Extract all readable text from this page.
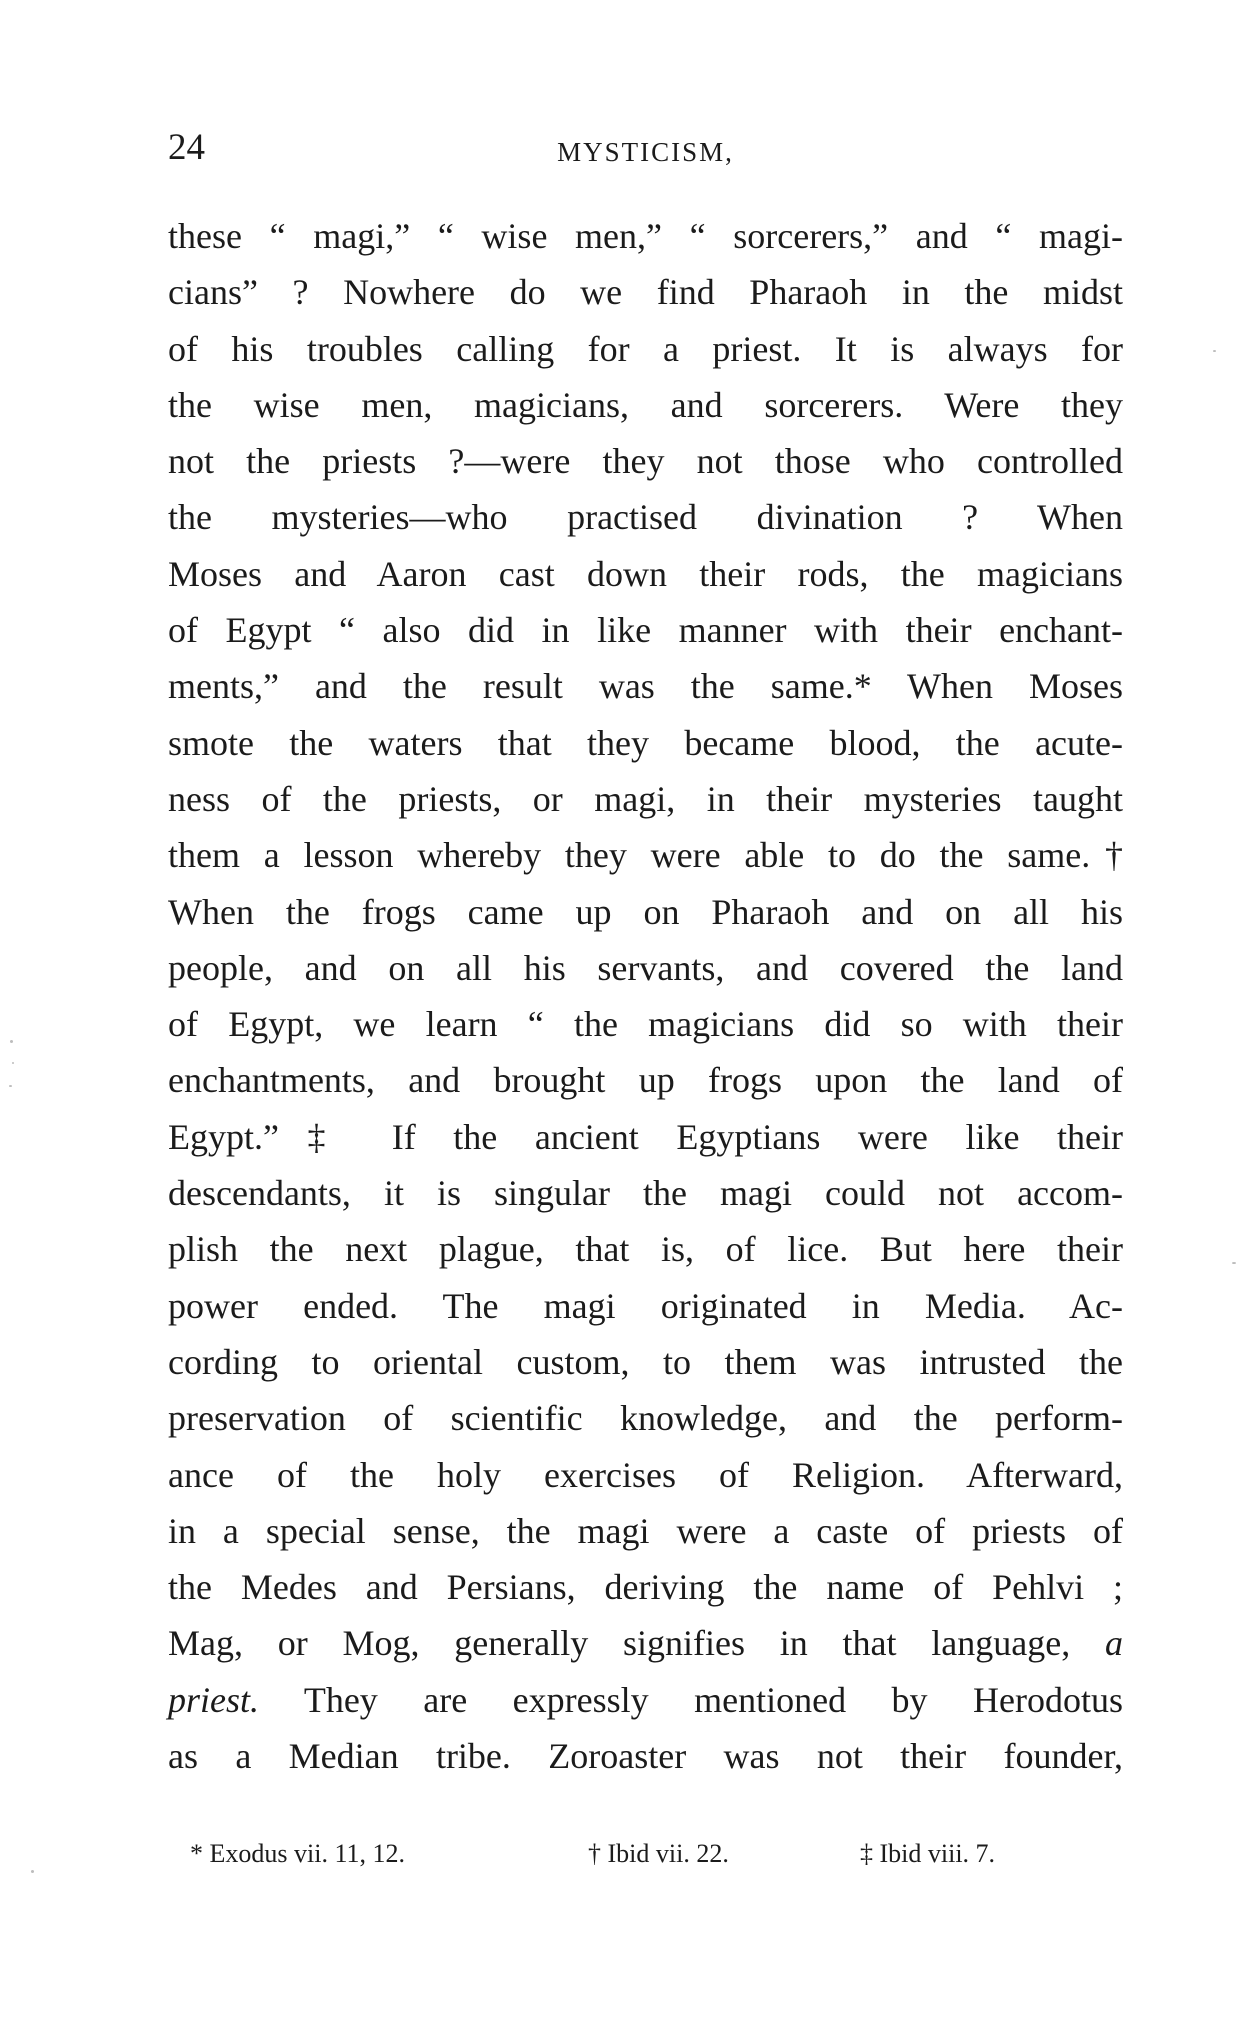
24	MYSTICISM,
these “ magi,” “ wise men,” “ sorcerers,” and “ magi-
cians” ? Nowhere do we find Pharaoh in the midst
of his troubles calling for a priest. It is always for
the wise men, magicians, and sorcerers. Were they
not the priests ?—were they not those who controlled
the mysteries—who practised divination ? When
Moses and Aaron cast down their rods, the magicians
of Egypt “ also did in like manner with their enchant-
ments,” and the result was the same.* When Moses
smote the waters that they became blood, the acute-
ness of the priests, or magi, in their mysteries taught
them a lesson whereby they were able to do the same.†
When the frogs came up on Pharaoh and on all his
people, and on all his servants, and covered the land
of Egypt, we learn “ the magicians did so with their
enchantments, and brought up frogs upon the land of
Egypt.”‡ If the ancient Egyptians were like their
descendants, it is singular the magi could not accom-
plish the next plague, that is, of lice. But here their
power ended. The magi originated in Media. Ac-
cording to oriental custom, to them was intrusted the
preservation of scientific knowledge, and the perform-
ance of the holy exercises of Religion. Afterward,
in a special sense, the magi were a caste of priests of
the Medes and Persians, deriving the name of Pehlvi ;
Mag, or Mog, generally signifies in that language, a
priest. They are expressly mentioned by Herodotus
as a Median tribe. Zoroaster was not their founder,
* Exodus vii. 11, 12.	† Ibid vii. 22.	‡ Ibid viii. 7.
